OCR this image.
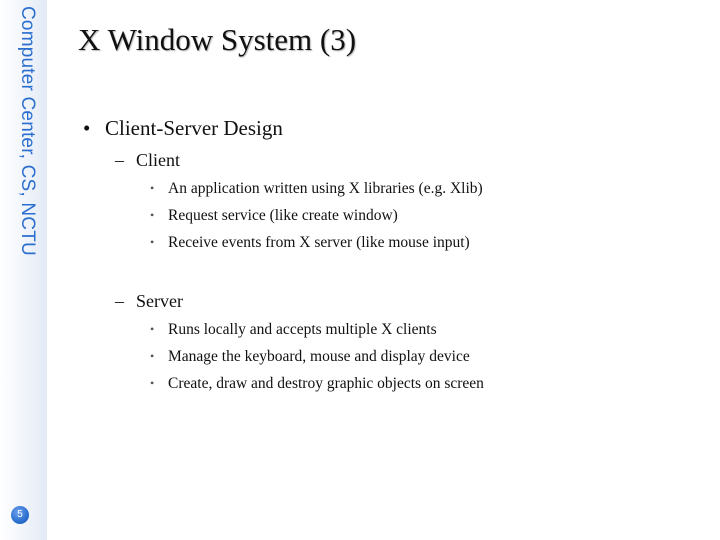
Computer Center, CS, NCTU
5
X Window System (3)
• Client-Server Design
– Client
• An application written using X libraries (e.g. Xlib)
• Request service (like create window)
• Receive events from X server (like mouse input)
– Server
• Runs locally and accepts multiple X clients
• Manage the keyboard, mouse and display device
• Create, draw and destroy graphic objects on screen
